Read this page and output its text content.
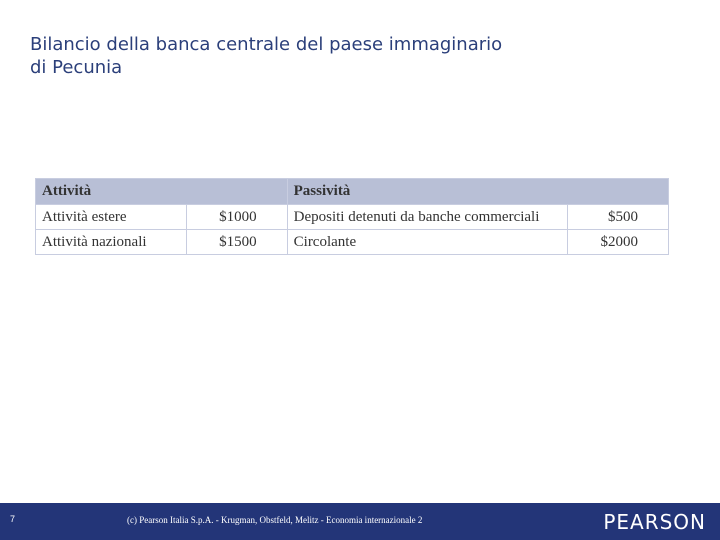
Bilancio della banca centrale del paese immaginario
di Pecunia
Attività		Passività	
Attività estere	$1000	Depositi detenuti da banche commerciali	$500
Attività nazionali	$1500	Circolante	$2000
7	(c) Pearson Italia S.p.A. - Krugman, Obstfeld, Melitz - Economia internazionale 2	PEARSON
